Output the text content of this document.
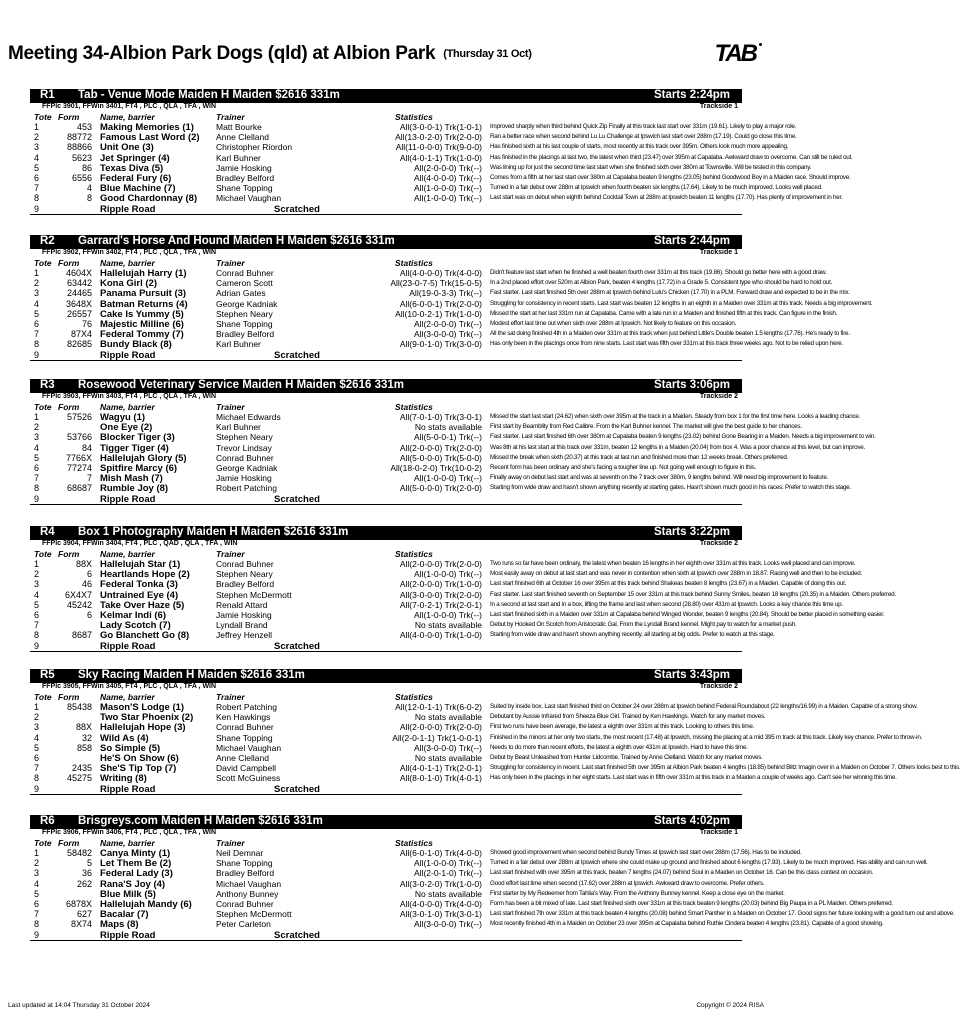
Meeting 34-Albion Park Dogs (qld) at Albion Park (Thursday 31 Oct)	TAB
R1 Tab - Venue Mode Maiden H Maiden $2616 331m	Starts 2:24pm
FFPlc 3901, FFWin 3401, FT4 , PLC , QLA , TFA , WIN	Trackside 1
Tote Form	Name, barrier	Trainer	Statistics
1	453 Making Memories (1)	Matt Bourke	All(3-0-0-1) Trk(1-0-1) Improved sharply when third behind Quick Zip Finally at this track last start over 331m (19.61). Likely to play a major role.
2	88772 Famous Last Word (2)	Anne Clelland	All(13-0-2-0) Trk(2-0-0) Ran a better race when second behind Lu Lu Challenge at Ipswich last start over 288m (17.19). Could go close this time.
3	88866 Unit One (3)	Christopher Riordon	All(11-0-0-0) Trk(9-0-0) Has finished sixth at his last couple of starts, most recently at this track over 395m. Others look much more appealing.
4	5623 Jet Springer (4)	Karl Buhner	All(4-0-1-1) Trk(1-0-0) Has finished in the placings at last two, the latest when third (23.47) over 395m at Capalaba. Awkward draw to overcome. Can still be ruled out.
5	86 Texas Diva (5)	Jamie Hosking	All(2-0-0-0) Trk(--) Was lining up for just the second time last start when she finished sixth over 380m at Townsville. Will be tested in this company.
6	6556 Federal Fury (6)	Bradley Belford	All(4-0-0-0) Trk(--) Comes from a fifth at her last start over 380m at Capalaba beaten 9 lengths (23.05) behind Goodwood Boy in a Maiden race. Should improve.
7	4 Blue Machine (7)	Shane Topping	All(1-0-0-0) Trk(--) Turned in a fair debut over 288m at Ipswich when fourth beaten six lengths (17.64). Likely to be much improved. Looks well placed.
8	8 Good Chardonnay (8)	Michael Vaughan	All(1-0-0-0) Trk(--) Last start was on debut when eighth behind Cocktail Town at 288m at Ipswich beaten 11 lengths (17.70). Has plenty of improvement in her.
9	Ripple Road	Scratched
R2 Garrard's Horse And Hound Maiden H Maiden $2616 331m	Starts 2:44pm
FFPlc 3902, FFWin 3402, FT4 , PLC , QLA , TFA , WIN	Trackside 1
Tote Form	Name, barrier	Trainer	Statistics
1	4604X Hallelujah Harry (1)	Conrad Buhner	All(4-0-0-0) Trk(4-0-0) Didn't feature last start when he finished a well beaten fourth over 331m at this track (19.86). Should go better here with a good draw.
2	63442 Kona Girl (2)	Cameron Scott	All(23-0-7-5) Trk(15-0-5) In a 2nd placed effort over 520m at Albion Park, beaten 4 lengths (17.72) in a Grade 5. Consistent type who should be hard to hold out.
3	24465 Panama Pursuit (3)	Adrian Gates	All(19-0-3-3) Trk(--) Fast starter. Last start finished 5th over 288m at Ipswich behind Lulu's Chicken (17.70) in a PLM. Forward draw and expected to be in the mix.
4	3648X Batman Returns (4)	George Kadniak	All(6-0-0-1) Trk(2-0-0) Struggling for consistency in recent starts. Last start was beaten 12 lengths in an eighth in a Maiden over 331m at this track. Needs a big improvement.
5	26557 Cake Is Yummy (5)	Stephen Neary	All(10-0-2-1) Trk(1-0-0) Missed the start at her last 331m run at Capalaba. Came with a late run in a Maiden and finished fifth at this track. Can figure in the finish.
6	76 Majestic Milline (6)	Shane Topping	All(2-0-0-0) Trk(--) Modest effort last time out when sixth over 288m at Ipswich. Not likely to feature on this occasion.
7	87X4 Federal Tommy (7)	Bradley Belford	All(3-0-0-0) Trk(--) All the sat doing finished 4th in a Maiden over 331m at this track when just behind Little's Double beaten 1.5 lengths (17.76). He's ready to fire.
8	82685 Bundy Black (8)	Karl Buhner	All(9-0-1-0) Trk(3-0-0) Has only been in the placings once from nine starts. Last start was fifth over 331m at this track three weeks ago. Not to be relied upon here.
9	Ripple Road	Scratched
R3 Rosewood Veterinary Service Maiden H Maiden $2616 331m	Starts 3:06pm
FFPlc 3903, FFWin 3403, FT4 , PLC , QLA , TFA , WIN	Trackside 2
Tote Form	Name, barrier	Trainer	Statistics
1	57526 Wagyu (1)	Michael Edwards	All(7-0-1-0) Trk(3-0-1) Missed the start last start (24.62) when sixth over 395m at the track in a Maiden. Steady from box 1 for the first time here. Looks a leading chance.
2	One Eye (2)	Karl Buhner	No stats available First start by Beamblity from Red Calibre. From the Karl Buhner kennel. The market will give the best guide to her chances.
3	53766 Blocker Tiger (3)	Stephen Neary	All(5-0-0-1) Trk(--) Fast starter. Last start finished 6th over 380m at Capalaba beaten 9 lengths (23.02) behind Gone Bearing in a Maiden. Needs a big improvement to win.
4	84 Tigger Tiger (4)	Trevor Lindsay	All(2-0-0-0) Trk(2-0-0) Was 8th at his last start at this track over 331m, beaten 12 lengths in a Maiden (20.04) from box 4. Was a poor chance at this level, but can improve.
5	7766X Hallelujah Glory (5)	Conrad Buhner	All(5-0-0-0) Trk(5-0-0) Missed the break when sixth (20.37) at this track at last run and finished more than 12 weeks break. Others preferred.
6	77274 Spitfire Marcy (6)	George Kadniak	All(18-0-2-0) Trk(10-0-2) Recent form has been ordinary and she's facing a tougher line up. Not going well enough to figure in this.
7	7 Mish Mash (7)	Jamie Hosking	All(1-0-0-0) Trk(--) Finally away on debut last start and was at seventh on the 7 track over 380m, 9 lengths behind. Will need big improvement to feature.
8	68687 Rumble Joy (8)	Robert Patching	All(5-0-0-0) Trk(2-0-0) Starting from wide draw and hasn't shown anything recently at starting gates. Hasn't shown much good in his races. Prefer to watch this stage.
9	Ripple Road	Scratched
R4 Box 1 Photography Maiden H Maiden $2616 331m	Starts 3:22pm
FFPlc 3904, FFWin 3404, FT4 , PLC , QAD , QLA , TFA , WIN	Trackside 2
Tote Form	Name, barrier	Trainer	Statistics
1	88X Hallelujah Star (1)	Conrad Buhner	All(2-0-0-0) Trk(2-0-0) Two runs so far have been ordinary, the latest when beaten 16 lengths in her eighth over 331m at this track. Looks well placed and can improve.
2	6 Heartlands Hope (2)	Stephen Neary	All(1-0-0-0) Trk(--) Most easily away on debut at last start and was never in contention when sixth at Ipswich over 288m in 18.87. Racing well and then to be included.
3	46 Federal Tonka (3)	Bradley Belford	All(2-0-0-0) Trk(1-0-0) Last start finished 6th at October 16 over 395m at this track behind Shakeas beaten 8 lengths (23.67) in a Maiden. Capable of doing this out.
4	6X4X7 Untrained Eye (4)	Stephen McDermott	All(3-0-0-0) Trk(2-0-0) Fast starter. Last start finished seventh on September 15 over 331m at this track behind Sunny Smiles, beaten 18 lengths (20.35) in a Maiden. Others preferred.
5	45242 Take Over Haze (5)	Renald Attard	All(7-0-2-1) Trk(2-0-1) In a second at last start and in a box, lifting the frame and last when second (28.80) over 431m at Ipswich. Looks a key chance this time up.
6	6 Kelmar Indi (6)	Jamie Hosking	All(1-0-0-0) Trk(--) Last start finished sixth in a Maiden over 331m at Capalaba behind Winged Wonder, beaten 9 lengths (20.84). Should be better placed in something easier.
7	Lady Scotch (7)	Lyndall Brand	No stats available Debut by Hooked On Scotch from Aristocratic Gal. From the Lyndall Brand kennel. Might pay to watch for a market push.
8	8687 Go Blanchett Go (8)	Jeffrey Henzell	All(4-0-0-0) Trk(1-0-0) Starting from wide draw and hasn't shown anything recently, all starting at big odds. Prefer to watch at this stage.
9	Ripple Road	Scratched
R5 Sky Racing Maiden H Maiden $2616 331m	Starts 3:43pm
FFPlc 3905, FFWin 3405, FT4 , PLC , QLA , TFA , WIN	Trackside 2
Tote Form	Name, barrier	Trainer	Statistics
1	85438 Mason'S Lodge (1)	Robert Patching	All(12-0-1-1) Trk(6-0-2) Suited by inside box. Last start finished third on October 24 over 288m at Ipswich behind Federal Roundabout (22 lengths/16.99) in a Maiden. Capable of a strong show.
2	Two Star Phoenix (2)	Ken Hawkings	No stats available Debutant by Aussie Infrared from Sheeza Blue Girl. Trained by Ken Hawkings. Watch for any market moves.
3	88X Hallelujah Hope (3)	Conrad Buhner	All(2-0-0-0) Trk(2-0-0) First two runs have been average, the latest a eighth over 331m at this track. Looking to others this time.
4	32 Wild As (4)	Shane Topping	All(2-0-1-1) Trk(1-0-0-1) Finished in the minors at her only two starts, the most recent (17.48) at Ipswich, missing the placing at a mid 395 m track at this track. Likely key chance. Prefer to throw-in.
5	858 So Simple (5)	Michael Vaughan	All(3-0-0-0) Trk(--) Needs to do more than recent efforts, the latest a eighth over 431m at Ipswich. Hard to have this time.
6	He'S On Show (6)	Anne Clelland	No stats available Debut by Beast Unleashed from Hunter Lidcombe. Trained by Anne Clelland. Watch for any market moves.
7	2435 She'S Tip Top (7)	David Campbell	All(4-0-1-1) Trk(2-0-1) Struggling for consistency in recent. Last start finished 5th over 395m at Albion Park beaten 4 lengths (18.85) behind Blitz Imagin over in a Maiden on October 7. Others looks best to this.
8	45275 Writing (8)	Scott McGuiness	All(8-0-1-0) Trk(4-0-1) Has only been in the placings in her eight starts. Last start was in fifth over 331m at this track in a Maiden a couple of weeks ago. Can't see her winning this time.
9	Ripple Road	Scratched
R6 Brisgreys.com Maiden H Maiden $2616 331m	Starts 4:02pm
FFPlc 3906, FFWin 3406, FT4 , PLC , QLA , TFA , WIN	Trackside 1
Tote Form	Name, barrier	Trainer	Statistics
1	58482 Canya Minty (1)	Neil Demnar	All(6-0-1-0) Trk(4-0-0) Showed good improvement when second behind Bundy Times at Ipswich last start over 288m (17.56). Has to be included.
2	5 Let Them Be (2)	Shane Topping	All(1-0-0-0) Trk(--) Turned in a fair debut over 288m at Ipswich where she could make up ground and finished about 6 lengths (17.93). Likely to be much improved. Has ability and can run well.
3	36 Federal Lady (3)	Bradley Belford	All(2-0-1-0) Trk(--) Last start finished with over 395m at this track, beaten 7 lengths (24.07) behind Soul in a Maiden on October 16. Can be this class contest on occasion.
4	262 Rana'S Joy (4)	Michael Vaughan	All(3-0-2-0) Trk(1-0-0) Good effort last time when second (17.62) over 288m at Ipswich. Awkward draw to overcome. Prefer others.
5	Blue Milk (5)	Anthony Bunney	No stats available First starter by My Redeemer from Tahlia's Way. From the Anthony Bunney kennel. Keep a close eye on the market.
6	6878X Hallelujah Mandy (6)	Conrad Buhner	All(4-0-0-0) Trk(4-0-0) Form has been a bit mixed of late. Last start finished sixth over 331m at this track beaten 9 lengths (20.03) behind Big Paupa in a PL Maiden. Others preferred.
7	627 Bacalar (7)	Stephen McDermott	All(3-0-1-0) Trk(3-0-1) Last start finished 7th over 331m at this track beaten 4 lengths (20.08) behind Smart Panther in a Maiden on October 17. Good signs her future looking with a good turn out and above.
8	8X74 Maps (8)	Peter Carleton	All(3-0-0-0) Trk(--) Most recently finished 4th in a Maiden on October 23 over 395m at Capalaba behind Ruthie Cindera beaten 4 lengths (23.81). Capable of a good showing.
9	Ripple Road	Scratched
Last updated at 14:04 Thursday 31 October 2024	Copyright © 2024 RISA
